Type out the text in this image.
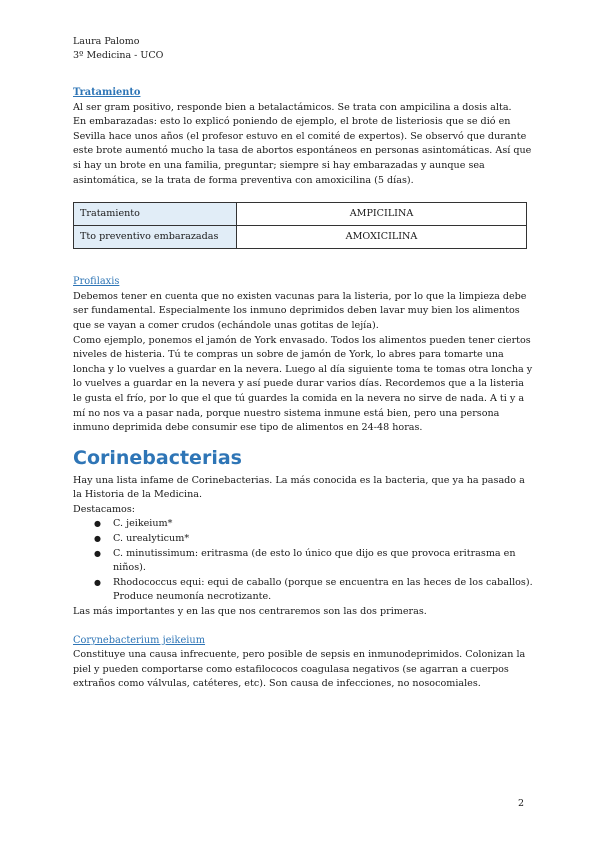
Laura Palomo
3º Medicina - UCO
Tratamiento

Al ser gram positivo, responde bien a betalactámicos. Se trata con ampicilina a dosis alta.

En embarazadas: esto lo explicó poniendo de ejemplo, el brote de listeriosis que se dió en Sevilla hace unos años (el profesor estuvo en el comité de expertos). Se observó que durante este brote aumentó mucho la tasa de abortos espontáneos en personas asintomáticas. Así que si hay un brote en una familia, preguntar; siempre si hay embarazadas y aunque sea asintomática, se la trata de forma preventiva con amoxicilina (5 días).

Tratamiento	AMPICILINA
Tto preventivo embarazadas	AMOXICILINA
Profilaxis

Debemos tener en cuenta que no existen vacunas para la listeria, por lo que la limpieza debe ser fundamental. Especialmente los inmuno deprimidos deben lavar muy bien los alimentos que se vayan a comer crudos (echándole unas gotitas de lejía).

Como ejemplo, ponemos el jamón de York envasado. Todos los alimentos pueden tener ciertos niveles de histeria. Tú te compras un sobre de jamón de York, lo abres para tomarte una loncha y lo vuelves a guardar en la nevera. Luego al día siguiente toma te tomas otra loncha y lo vuelves a guardar en la nevera y así puede durar varios días. Recordemos que a la listeria le gusta el frío, por lo que el que tú guardes la comida en la nevera no sirve de nada. A ti y a mí no nos va a pasar nada, porque nuestro sistema inmune está bien, pero una persona inmuno deprimida debe consumir ese tipo de alimentos en 24-48 horas.

Corinebacterias

Hay una lista infame de Corinebacterias. La más conocida es la bacteria, que ya ha pasado a la Historia de la Medicina.

Destacamos:

● C. jeikeium*
● C. urealyticum*
● C. minutissimum: eritrasma (de esto lo único que dijo es que provoca eritrasma en niños).
● Rhodococcus equi: equi de caballo (porque se encuentra en las heces de los caballos). Produce neumonía necrotizante.

Las más importantes y en las que nos centraremos son las dos primeras.

Corynebacterium jeikeium

Constituye una causa infrecuente, pero posible de sepsis en inmunodeprimidos. Colonizan la piel y pueden comportarse como estafilococos coagulasa negativos (se agarran a cuerpos extraños como válvulas, catéteres, etc). Son causa de infecciones, no nosocomiales.

2
